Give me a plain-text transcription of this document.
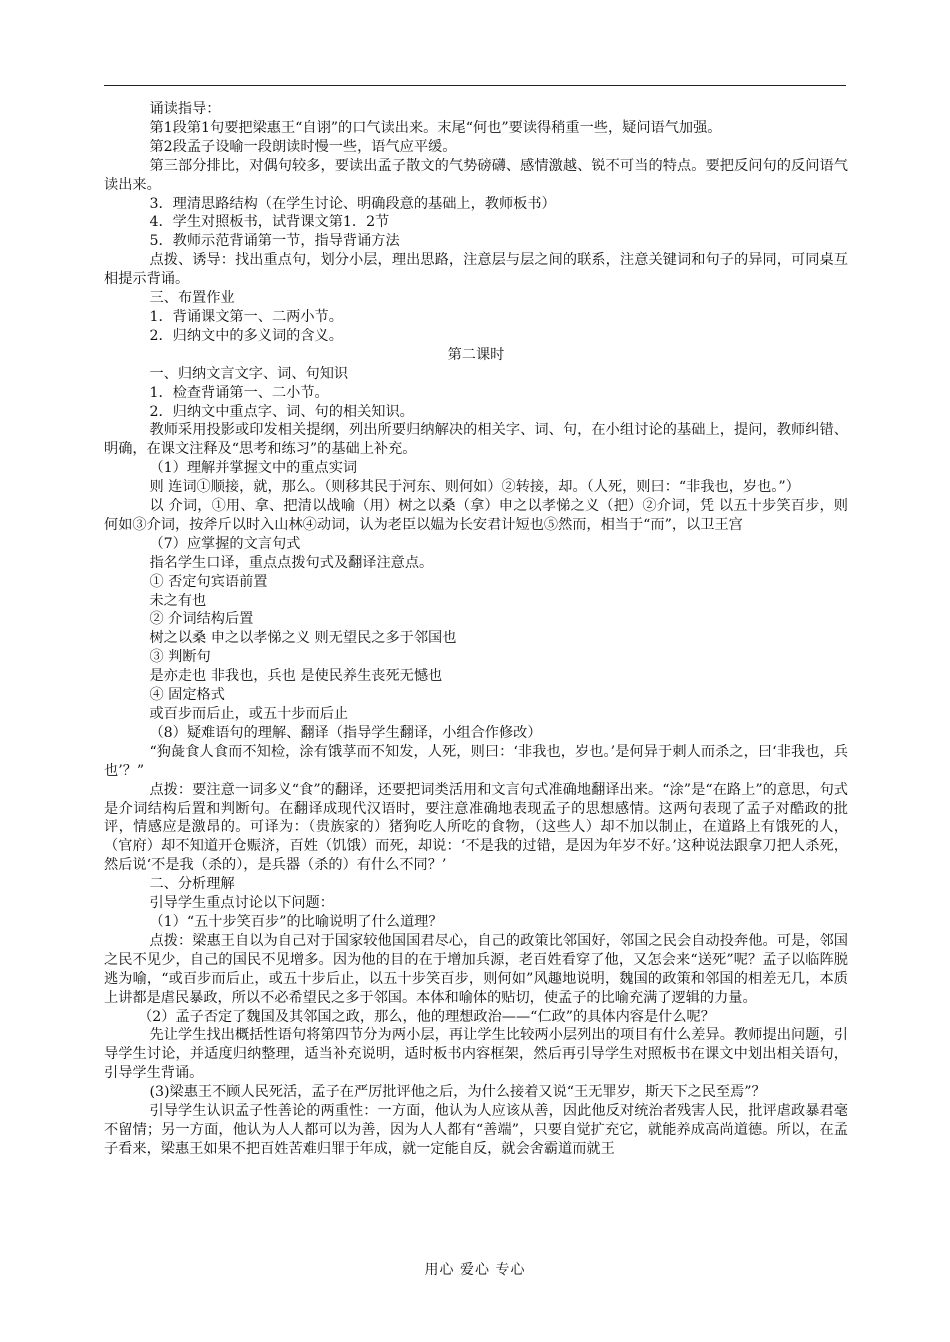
诵读指导：

第1段第1句要把梁惠王“自诩”的口气读出来。末尾“何也”要读得稍重一些，疑问语气加强。

第2段孟子设喻一段朗读时慢一些，语气应平缓。

第三部分排比，对偶句较多，要读出孟子散文的气势磅礴、感情激越、锐不可当的特点。要把反问句的反问语气读出来。

3．理清思路结构（在学生讨论、明确段意的基础上，教师板书）

4．学生对照板书，试背课文第1．2节

5．教师示范背诵第一节，指导背诵方法

点拨、诱导：找出重点句，划分小层，理出思路，注意层与层之间的联系，注意关键词和句子的异同，可同桌互相提示背诵。

三、布置作业

1．背诵课文第一、二两小节。

2．归纳文中的多义词的含义。

第二课时

一、归纳文言文字、词、句知识

1．检查背诵第一、二小节。

2．归纳文中重点字、词、句的相关知识。

教师采用投影或印发相关提纲，列出所要归纳解决的相关字、词、句，在小组讨论的基础上，提问，教师纠错、明确，在课文注释及“思考和练习”的基础上补充。

（1）理解并掌握文中的重点实词

则 连词①顺接，就，那么。（则移其民于河东、则何如）②转接，却。（人死，则曰：“非我也，岁也。”）

以 介词，①用、拿、把清以战喻（用）树之以桑（拿）申之以孝悌之义（把）②介词，凭 以五十步笑百步，则何如③介词，按斧斤以时入山林④动词，认为老臣以媪为长安君计短也⑤然而，相当于“而”，以卫王宫

（7）应掌握的文言句式

指名学生口译，重点点拨句式及翻译注意点。

① 否定句宾语前置

未之有也

② 介词结构后置

树之以桑 申之以孝悌之义 则无望民之多于邻国也

③ 判断句

是亦走也 非我也，兵也 是使民养生丧死无憾也

④ 固定格式

或百步而后止，或五十步而后止

（8）疑难语句的理解、翻译（指导学生翻译，小组合作修改）

“狗彘食人食而不知检，涂有饿莩而不知发，人死，则曰：‘非我也，岁也。’是何异于刺人而杀之，曰‘非我也，兵也’？”

点拨：要注意一词多义“食”的翻译，还要把词类活用和文言句式准确地翻译出来。“涂”是“在路上”的意思，句式是介词结构后置和判断句。在翻译成现代汉语时，要注意准确地表现孟子的思想感情。这两句表现了孟子对酷政的批评，情感应是激昂的。可译为：（贵族家的）猪狗吃人所吃的食物，（这些人）却不加以制止，在道路上有饿死的人，（官府）却不知道开仓赈济，百姓（饥饿）而死，却说：‘不是我的过错，是因为年岁不好。’这种说法跟拿刀把人杀死，然后说‘不是我（杀的），是兵器（杀的）有什么不同？’

二、分析理解

引导学生重点讨论以下问题：

（1）“五十步笑百步”的比喻说明了什么道理？

点拨：梁惠王自以为自己对于国家较他国国君尽心，自己的政策比邻国好，邻国之民会自动投奔他。可是，邻国之民不见少，自己的国民不见增多。因为他的目的在于增加兵源，老百姓看穿了他，又怎会来“送死”呢？孟子以临阵脱逃为喻，“或百步而后止，或五十步后止，以五十步笑百步，则何如”风趣地说明，魏国的政策和邻国的相差无几，本质上讲都是虐民暴政，所以不必希望民之多于邻国。本体和喻体的贴切，使孟子的比喻充满了逻辑的力量。

（2）孟子否定了魏国及其邻国之政，那么，他的理想政治——“仁政”的具体内容是什么呢？

先让学生找出概括性语句将第四节分为两小层，再让学生比较两小层列出的项目有什么差异。教师提出问题，引导学生讨论，并适度归纳整理，适当补充说明，适时板书内容框架，然后再引导学生对照板书在课文中划出相关语句，引导学生背诵。

(3)梁惠王不顾人民死活，孟子在严厉批评他之后，为什么接着又说“王无罪岁，斯天下之民至焉”？

引导学生认识孟子性善论的两重性：一方面，他认为人应该从善，因此他反对统治者残害人民，批评虐政暴君毫不留情；另一方面，他认为人人都可以为善，因为人人都有“善端”，只要自觉扩充它，就能养成高尚道德。所以，在孟子看来，梁惠王如果不把百姓苦难归罪于年成，就一定能自反，就会舍霸道而就王

用心 爱心 专心
